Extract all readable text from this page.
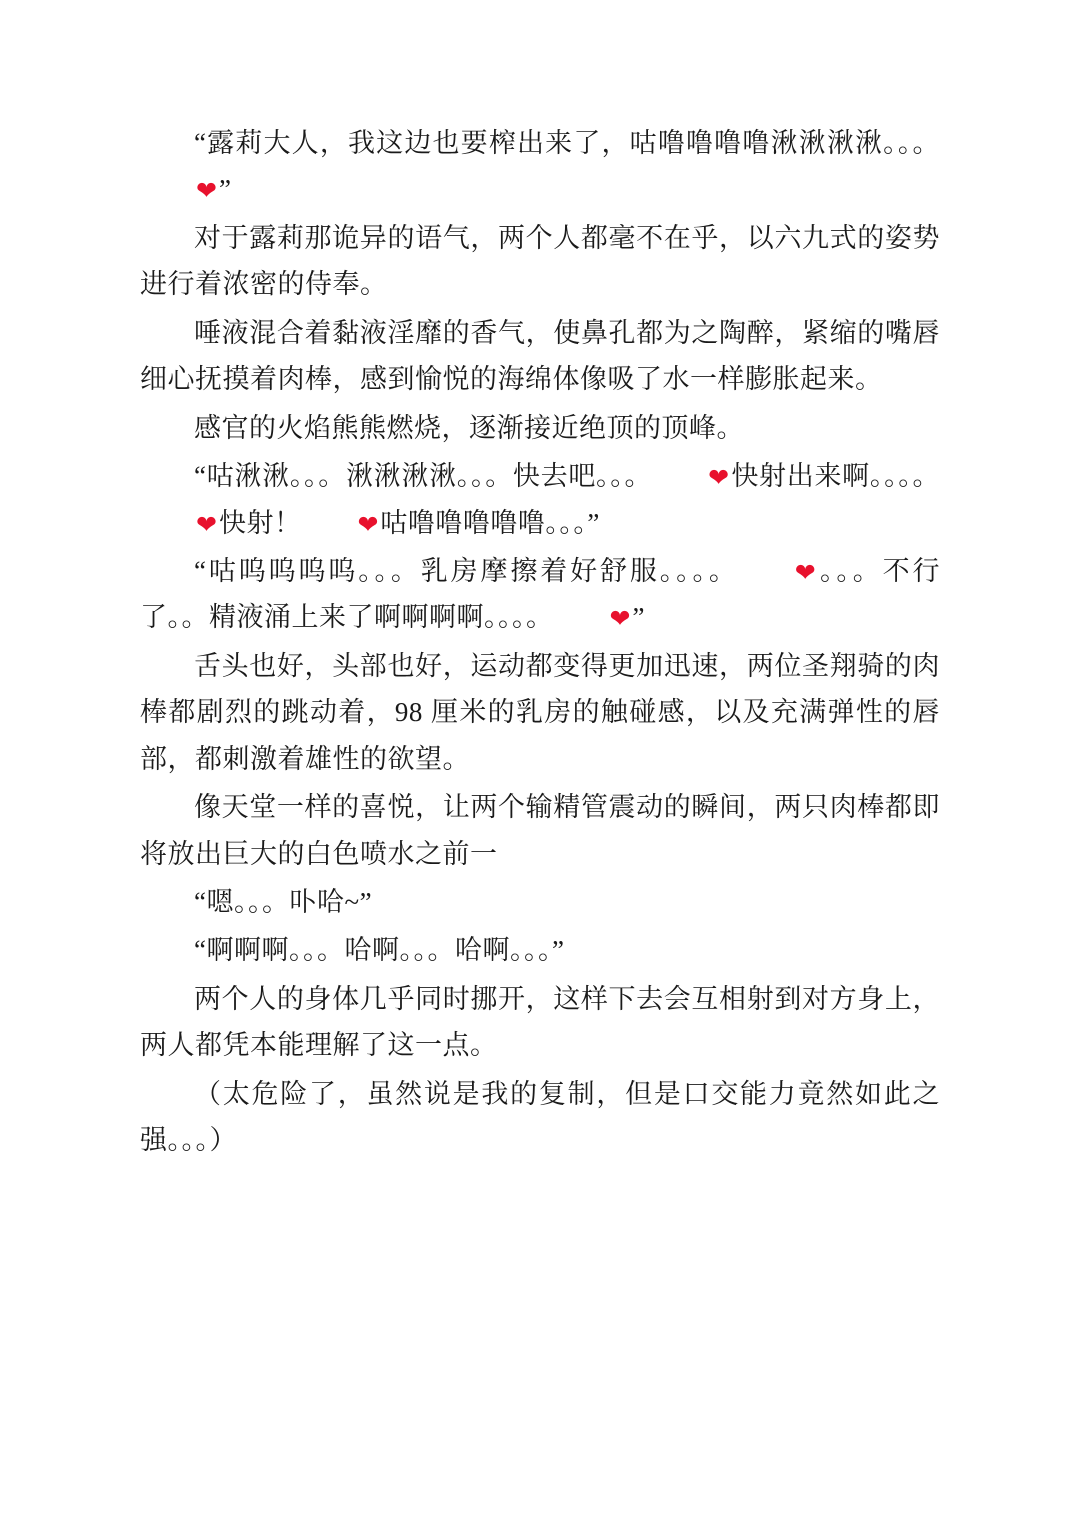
“露莉大人，我这边也要榨出来了，咕噜噜噜噜湫湫湫湫。。。❤”
对于露莉那诡异的语气，两个人都毫不在乎，以六九式的姿势进行着浓密的侍奉。
唾液混合着黏液淫靡的香气，使鼻孔都为之陶醉，紧缩的嘴唇细心抚摸着肉棒，感到愉悦的海绵体像吸了水一样膨胀起来。
感官的火焰熊熊燃烧，逐渐接近绝顶的顶峰。
“咕湫湫。。。湫湫湫湫。。。快去吧。。。 ❤快射出来啊。。。。❤快射！ ❤咕噜噜噜噜噜。。。”
“咕呜呜呜呜。。。乳房摩擦着好舒服。。。。 ❤。。。不行了。。精液涌上来了啊啊啊啊。。。。 ❤”
舌头也好，头部也好，运动都变得更加迅速，两位圣翔骑的肉棒都剧烈的跳动着，98 厘米的乳房的触碰感，以及充满弹性的唇部，都刺激着雄性的欲望。
像天堂一样的喜悦，让两个输精管震动的瞬间，两只肉棒都即将放出巨大的白色喷水之前一
“嗯。。。卟哈~”
“啊啊啊。。。哈啊。。。哈啊。。。”
两个人的身体几乎同时挪开，这样下去会互相射到对方身上，两人都凭本能理解了这一点。
（太危险了，虽然说是我的复制，但是口交能力竟然如此之强。。。）
